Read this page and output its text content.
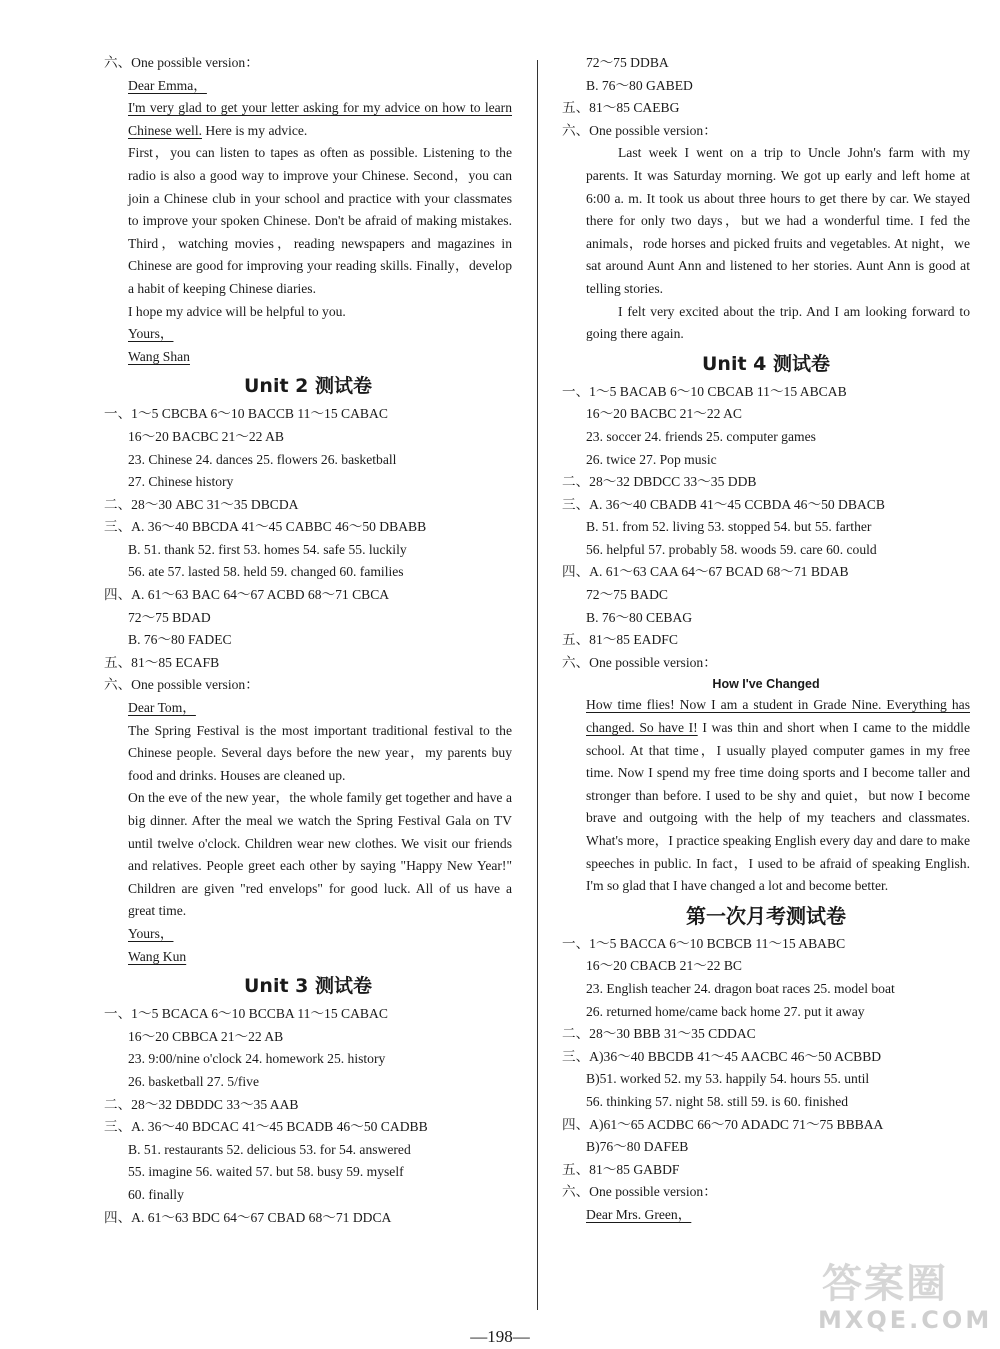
六、One possible version：
Dear Emma，

I'm very glad to get your letter asking for my advice on how to learn Chinese well. Here is my advice.

First，you can listen to tapes as often as possible. Listening to the radio is also a good way to improve your Chinese. Second，you can join a Chinese club in your school and practice with your classmates to improve your spoken Chinese. Don't be afraid of making mistakes. Third，watching movies，reading newspapers and magazines in Chinese are good for improving your reading skills. Finally，develop a habit of keeping Chinese diaries.

I hope my advice will be helpful to you.

Yours，
Wang Shan
Unit 2 测试卷
一、1～5 CBCBA 6～10 BACCB 11～15 CABAC
16～20 BACBC 21～22 AB
23. Chinese 24. dances 25. flowers 26. basketball
27. Chinese history
二、28～30 ABC 31～35 DBCDA
三、A. 36～40 BBCDA 41～45 CABBC 46～50 DBABB
B. 51. thank 52. first 53. homes 54. safe 55. luckily
56. ate 57. lasted 58. held 59. changed 60. families
四、A. 61～63 BAC 64～67 ACBD 68～71 CBCA
72～75 BDAD
B. 76～80 FADEC
五、81～85 ECAFB
六、One possible version：
Dear Tom，

The Spring Festival is the most important traditional festival to the Chinese people. Several days before the new year，my parents buy food and drinks. Houses are cleaned up.

On the eve of the new year，the whole family get together and have a big dinner. After the meal we watch the Spring Festival Gala on TV until twelve o'clock. Children wear new clothes. We visit our friends and relatives. People greet each other by saying "Happy New Year!" Children are given "red envelops" for good luck. All of us have a great time.

Yours，
Wang Kun
Unit 3 测试卷
一、1～5 BCACA 6～10 BCCBA 11～15 CABAC
16～20 CBBCA 21～22 AB
23. 9:00/nine o'clock 24. homework 25. history
26. basketball 27. 5/five
二、28～32 DBDDC 33～35 AAB
三、A. 36～40 BDCAC 41～45 BCADB 46～50 CADBB
B. 51. restaurants 52. delicious 53. for 54. answered
55. imagine 56. waited 57. but 58. busy 59. myself
60. finally
四、A. 61～63 BDC 64～67 CBAD 68～71 DDCA
72～75 DDBA
B. 76～80 GABED
五、81～85 CAEBG
六、One possible version：

Last week I went on a trip to Uncle John's farm with my parents. It was Saturday morning. We got up early and left home at 6:00 a. m. It took us about three hours to get there by car. We stayed there for only two days，but we had a wonderful time. I fed the animals，rode horses and picked fruits and vegetables. At night，we sat around Aunt Ann and listened to her stories. Aunt Ann is good at telling stories.

I felt very excited about the trip. And I am looking forward to going there again.

Unit 4 测试卷
一、1～5 BACAB 6～10 CBCAB 11～15 ABCAB
16～20 BACBC 21～22 AC
23. soccer 24. friends 25. computer games
26. twice 27. Pop music
二、28～32 DBDCC 33～35 DDB
三、A. 36～40 CBADB 41～45 CCBDA 46～50 DBACB
B. 51. from 52. living 53. stopped 54. but 55. farther
56. helpful 57. probably 58. woods 59. care 60. could
四、A. 61～63 CAA 64～67 BCAD 68～71 BDAB
72～75 BADC
B. 76～80 CEBAG
五、81～85 EADFC
六、One possible version：
How I've Changed

How time flies! Now I am a student in Grade Nine. Everything has changed. So have I! I was thin and short when I came to the middle school. At that time，I usually played computer games in my free time. Now I spend my free time doing sports and I become taller and stronger than before. I used to be shy and quiet，but now I become brave and outgoing with the help of my teachers and classmates. What's more，I practice speaking English every day and dare to make speeches in public. In fact，I used to be afraid of speaking English. I'm so glad that I have changed a lot and become better.

第一次月考测试卷
一、1～5 BACCA 6～10 BCBCB 11～15 ABABC
16～20 CBACB 21～22 BC
23. English teacher 24. dragon boat races 25. model boat
26. returned home/came back home 27. put it away
二、28～30 BBB 31～35 CDDAC
三、A)36～40 BBCDB 41～45 AACBC 46～50 ACBBD
B)51. worked 52. my 53. happily 54. hours 55. until
56. thinking 57. night 58. still 59. is 60. finished
四、A)61～65 ACDBC 66～70 ADADC 71～75 BBBAA
B)76～80 DAFEB
五、81～85 GABDF
六、One possible version：
Dear Mrs. Green，
—198—
答案圈
MXQE.COM
